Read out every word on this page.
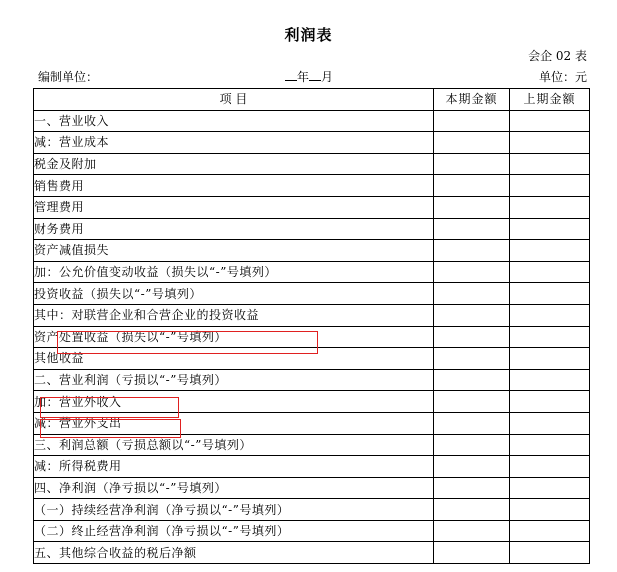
利润表
会企 02 表
编制单位：	年 月	单位：元
项 目	本期金额	上期金额
一、营业收入		
减：营业成本		
税金及附加		
销售费用		
管理费用		
财务费用		
资产减值损失		
加：公允价值变动收益（损失以“-”号填列）		
投资收益（损失以“-”号填列）		
其中：对联营企业和合营企业的投资收益		
资产处置收益（损失以“-”号填列）		
其他收益		
二、营业利润（亏损以“-”号填列）		
加：营业外收入		
减：营业外支出		
三、利润总额（亏损总额以“-”号填列）		
减：所得税费用		
四、净利润（净亏损以“-”号填列）		
（一）持续经营净利润（净亏损以“-”号填列）		
（二）终止经营净利润（净亏损以“-”号填列）		
五、其他综合收益的税后净额		
